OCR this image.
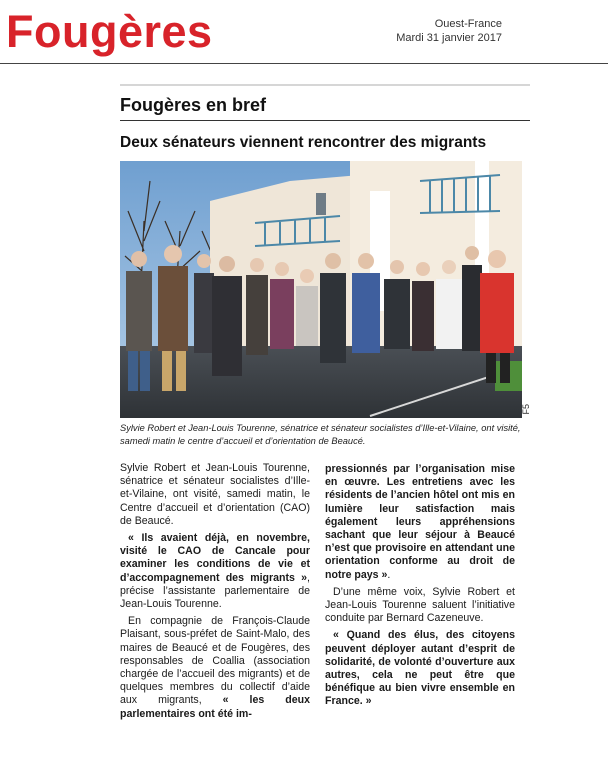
Fougères	Ouest-France
Mardi 31 janvier 2017
Fougères en bref
Deux sénateurs viennent rencontrer des migrants
F5
Sylvie Robert et Jean-Louis Tourenne, sénatrice et sénateur socialistes d’Ille-et-Vilaine, ont visité, samedi matin le centre d’accueil et d’orientation de Beaucé.

Sylvie Robert et Jean-Louis Tourenne, sénatrice et sénateur socialistes d’Ille-et-Vilaine, ont visité, samedi matin, le Centre d’accueil et d’orientation (CAO) de Beaucé.

« Ils avaient déjà, en novembre, visité le CAO de Cancale pour examiner les conditions de vie et d’accompagnement des migrants », précise l’assistante parlementaire de Jean-Louis Tourenne.

En compagnie de François-Claude Plaisant, sous-préfet de Saint-Malo, des maires de Beaucé et de Fougères, des responsables de Coallia (association chargée de l’accueil des migrants) et de quelques membres du collectif d’aide aux migrants, « les deux parlementaires ont été im-

pressionnés par l’organisation mise en œuvre. Les entretiens avec les résidents de l’ancien hôtel ont mis en lumière leur satisfaction mais également leurs appréhensions sachant que leur séjour à Beaucé n’est que provisoire en attendant une orientation conforme au droit de notre pays ».

D’une même voix, Sylvie Robert et Jean-Louis Tourenne saluent l’initiative conduite par Bernard Cazeneuve.

« Quand des élus, des citoyens peuvent déployer autant d’esprit de solidarité, de volonté d’ouverture aux autres, cela ne peut être que bénéfique au bien vivre ensemble en France. »
